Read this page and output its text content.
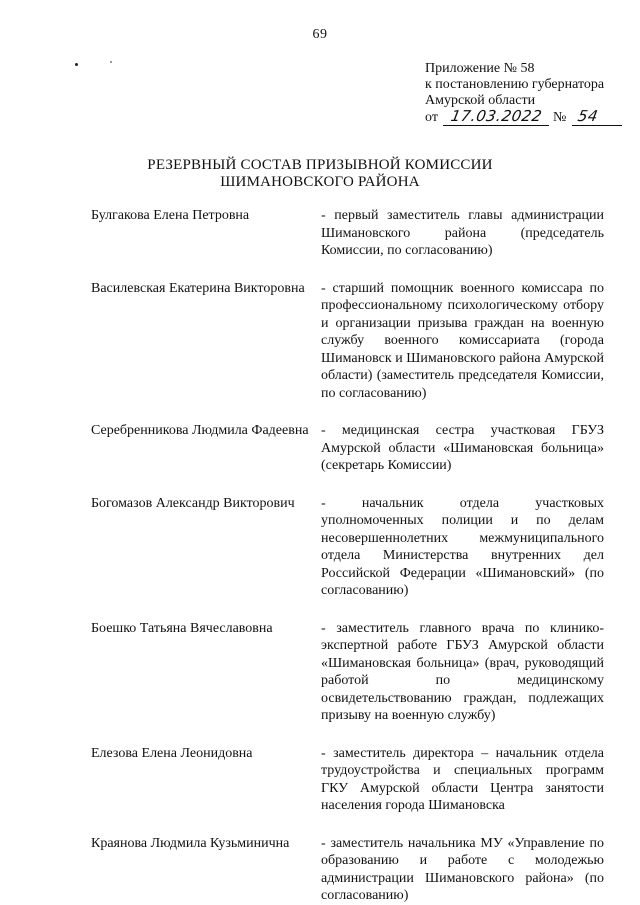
69
Приложение № 58
к постановлению губернатора
Амурской области
от 17.03.2022 № 54
РЕЗЕРВНЫЙ СОСТАВ ПРИЗЫВНОЙ КОМИССИИ
ШИМАНОВСКОГО РАЙОНА
Булгакова Елена Петровна	- первый заместитель главы администрации Шимановского района (председатель Комиссии, по согласованию)
Василевская Екатерина Викторовна	- старший помощник военного комиссара по профессиональному психологическому отбору и организации призыва граждан на военную службу военного комиссариата (города Шимановск и Шимановского района Амурской области) (заместитель председателя Комиссии, по согласованию)
Серебренникова Людмила Фадеевна - медицинская сестра участковая ГБУЗ Амурской области «Шимановская больница» (секретарь Комиссии)
Богомазов Александр Викторович	- начальник отдела участковых уполномоченных полиции и по делам несовершеннолетних межмуниципального отдела Министерства внутренних дел Российской Федерации «Шимановский» (по согласованию)
Боешко Татьяна Вячеславовна	- заместитель главного врача по клинико-экспертной работе ГБУЗ Амурской области «Шимановская больница» (врач, руководящий работой по медицинскому освидетельствованию граждан, подлежащих призыву на военную службу)
Елезова Елена Леонидовна	- заместитель директора – начальник отдела трудоустройства и специальных программ ГКУ Амурской области Центра занятости населения города Шимановска
Краянова Людмила Кузьминична	- заместитель начальника МУ «Управление по образованию и работе с молодежью администрации Шимановского района» (по согласованию)
